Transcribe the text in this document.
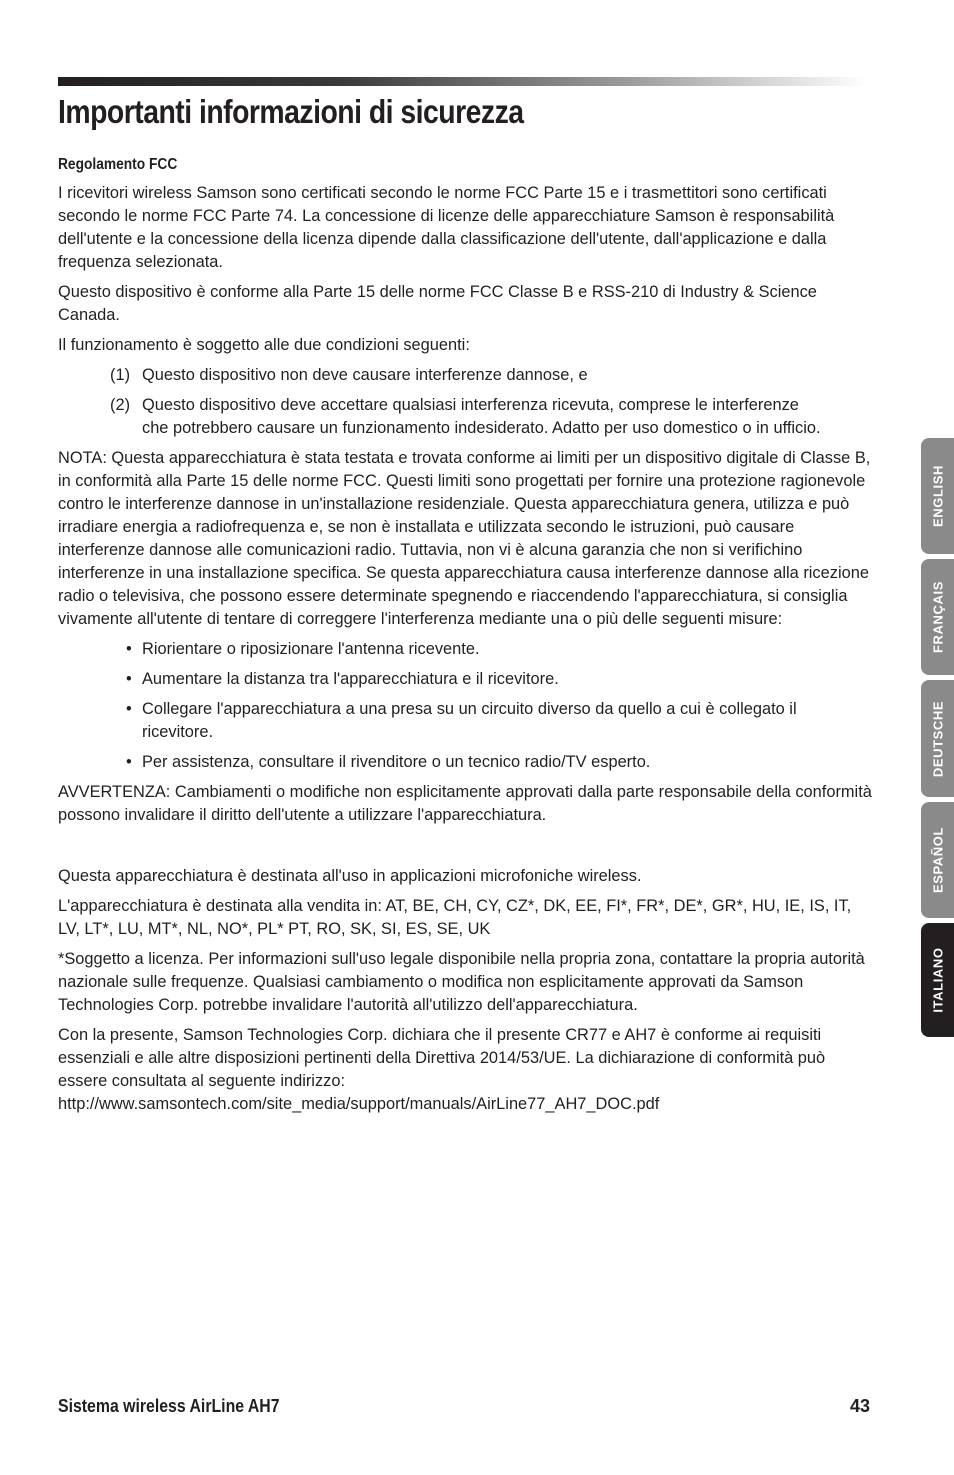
Importanti informazioni di sicurezza
Regolamento FCC

I ricevitori wireless Samson sono certificati secondo le norme FCC Parte 15 e i trasmettitori sono certificati secondo le norme FCC Parte 74. La concessione di licenze delle apparecchiature Samson è responsabilità dell'utente e la concessione della licenza dipende dalla classificazione dell'utente, dall'applicazione e dalla frequenza selezionata.

Questo dispositivo è conforme alla Parte 15 delle norme FCC Classe B e RSS-210 di Industry & Science Canada.

Il funzionamento è soggetto alle due condizioni seguenti:

(1) Questo dispositivo non deve causare interferenze dannose, e
(2) Questo dispositivo deve accettare qualsiasi interferenza ricevuta, comprese le interferenze che potrebbero causare un funzionamento indesiderato. Adatto per uso domestico o in ufficio.

NOTA: Questa apparecchiatura è stata testata e trovata conforme ai limiti per un dispositivo digitale di Classe B, in conformità alla Parte 15 delle norme FCC. Questi limiti sono progettati per fornire una protezione ragionevole contro le interferenze dannose in un'installazione residenziale. Questa apparecchiatura genera, utilizza e può irradiare energia a radiofrequenza e, se non è installata e utilizzata secondo le istruzioni, può causare interferenze dannose alle comunicazioni radio. Tuttavia, non vi è alcuna garanzia che non si verifichino interferenze in una installazione specifica. Se questa apparecchiatura causa interferenze dannose alla ricezione radio o televisiva, che possono essere determinate spegnendo e riaccendendo l'apparecchiatura, si consiglia vivamente all'utente di tentare di correggere l'interferenza mediante una o più delle seguenti misure:

• Riorientare o riposizionare l'antenna ricevente.
• Aumentare la distanza tra l'apparecchiatura e il ricevitore.
• Collegare l'apparecchiatura a una presa su un circuito diverso da quello a cui è collegato il ricevitore.
• Per assistenza, consultare il rivenditore o un tecnico radio/TV esperto.

AVVERTENZA: Cambiamenti o modifiche non esplicitamente approvati dalla parte responsabile della conformità possono invalidare il diritto dell'utente a utilizzare l'apparecchiatura.

Questa apparecchiatura è destinata all'uso in applicazioni microfoniche wireless.

L'apparecchiatura è destinata alla vendita in: AT, BE, CH, CY, CZ*, DK, EE, FI*, FR*, DE*, GR*, HU, IE, IS, IT, LV, LT*, LU, MT*, NL, NO*, PL* PT, RO, SK, SI, ES, SE, UK

*Soggetto a licenza. Per informazioni sull'uso legale disponibile nella propria zona, contattare la propria autorità nazionale sulle frequenze. Qualsiasi cambiamento o modifica non esplicitamente approvati da Samson Technologies Corp. potrebbe invalidare l'autorità all'utilizzo dell'apparecchiatura.

Con la presente, Samson Technologies Corp. dichiara che il presente CR77 e AH7 è conforme ai requisiti essenziali e alle altre disposizioni pertinenti della Direttiva 2014/53/UE. La dichiarazione di conformità può essere consultata al seguente indirizzo:
http://www.samsontech.com/site_media/support/manuals/AirLine77_AH7_DOC.pdf

ENGLISH
FRANÇAIS
DEUTSCHE
ESPAÑOL
ITALIANO
Sistema wireless AirLine AH7	43
